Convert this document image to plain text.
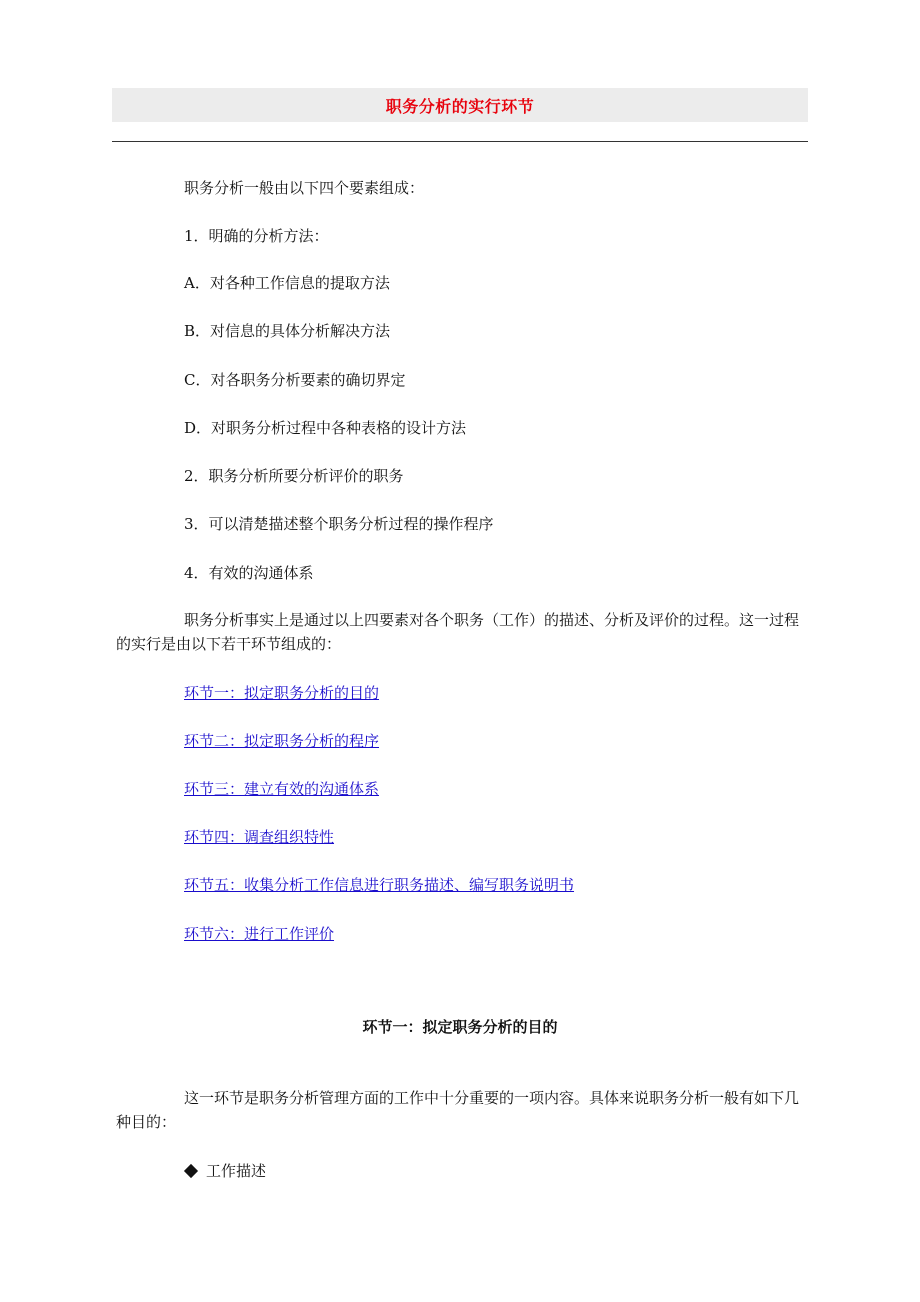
职务分析的实行环节
职务分析一般由以下四个要素组成：
1．明确的分析方法：
A．对各种工作信息的提取方法
B．对信息的具体分析解决方法
C．对各职务分析要素的确切界定
D．对职务分析过程中各种表格的设计方法
2．职务分析所要分析评价的职务
3．可以清楚描述整个职务分析过程的操作程序
4．有效的沟通体系
职务分析事实上是通过以上四要素对各个职务（工作）的描述、分析及评价的过程。这一过程的实行是由以下若干环节组成的：
环节一：拟定职务分析的目的
环节二：拟定职务分析的程序
环节三：建立有效的沟通体系
环节四：调查组织特性
环节五：收集分析工作信息进行职务描述、编写职务说明书
环节六：进行工作评价
环节一：拟定职务分析的目的
这一环节是职务分析管理方面的工作中十分重要的一项内容。具体来说职务分析一般有如下几种目的：
工作描述
